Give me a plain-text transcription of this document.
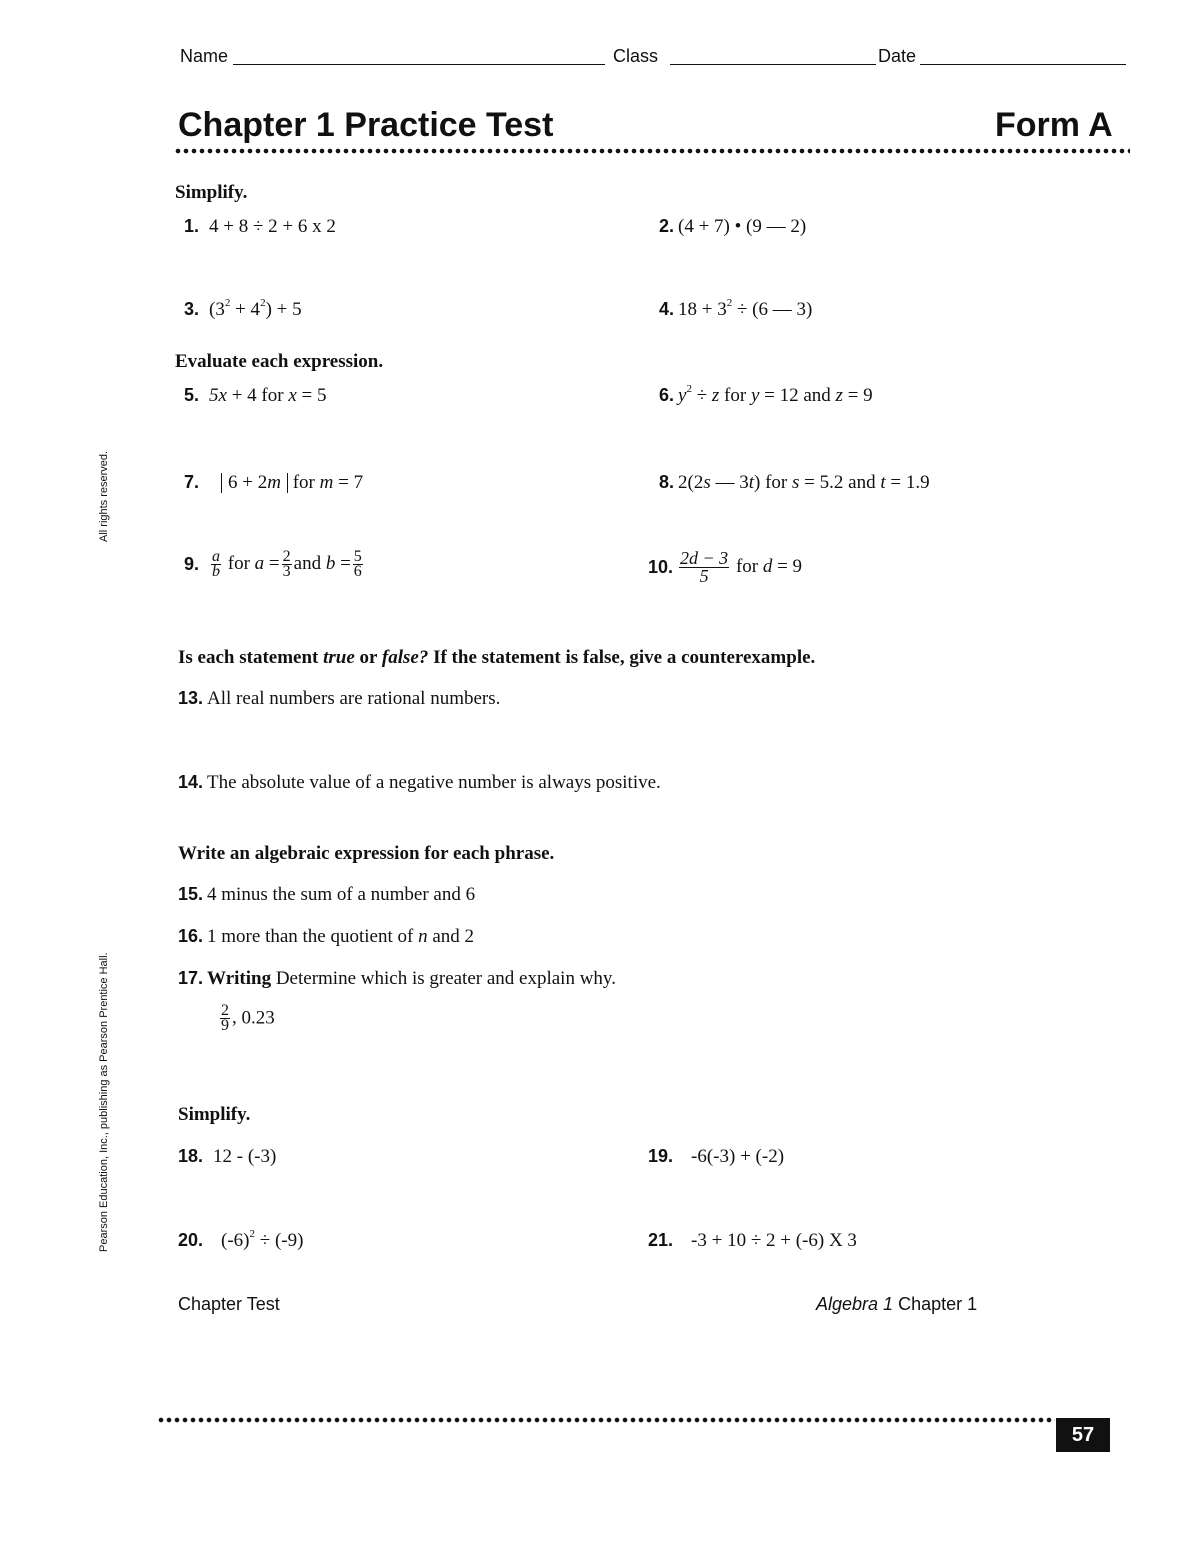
Name	Class	Date
Chapter 1 Practice Test	Form A
All rights reserved.
Pearson Education, Inc., publishing as Pearson Prentice Hall.
Simplify.
1. 4 + 8 ÷ 2 + 6 x 2	2. (4 + 7) • (9 — 2)
3. $(3^2 + 4^2) + 5$	4. $18 + 3^2 \div (6$ — 3)
Evaluate each expression.
5. 5x + 4 for x = 5	6. $y^2 \div z$ for y = 12 and z = 9
7. 6 + 2m for m = 7	8. 2(2s — 3t) for s = 5.2 and t = 1.9
9. $\frac{a}{b}$ for $a = \frac{2}{3}$ and $b = \frac{5}{6}$	10. $\frac{2d - 3}{5}$ for d = 9
Is each statement true or false? If the statement is false, give a counterexample.
13. All real numbers are rational numbers.
14. The absolute value of a negative number is always positive.
Write an algebraic expression for each phrase.
15. 4 minus the sum of a number and 6
16. 1 more than the quotient of n and 2
17. Writing Determine which is greater and explain why.
$\frac{2}{9}$ , 0.23
Simplify.
18. 12 - (-3)	19. -6(-3) + (-2)
20. $(-6)^2 \div (-9)$	21. -3 + 10 ÷ 2 + (-6) X 3
Chapter Test	Algebra 1 Chapter 1
57
